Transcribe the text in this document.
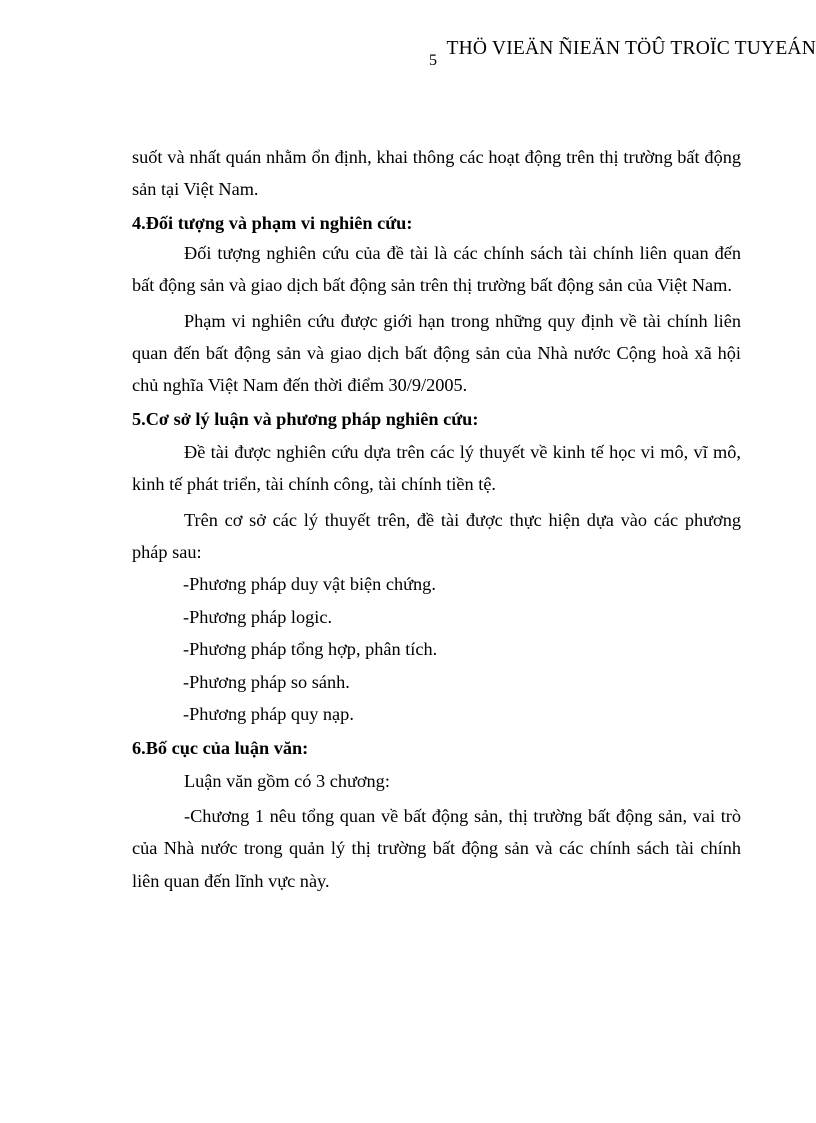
THÖ VIEÄN ÑIEÄN TÖÛ TROÏC TUYEÁN
5

suốt và nhất quán nhằm ổn định, khai thông các hoạt động trên thị trường bất động sản tại Việt Nam.

4.Đối tượng và phạm vi nghiên cứu:

Đối tượng nghiên cứu của đề tài là các chính sách tài chính liên quan đến bất động sản và giao dịch bất động sản trên thị trường bất động sản của Việt Nam.

Phạm vi nghiên cứu được giới hạn trong những quy định về tài chính liên quan đến bất động sản và giao dịch bất động sản của Nhà nước Cộng hoà xã hội chủ nghĩa Việt Nam đến thời điểm 30/9/2005.

5.Cơ sở lý luận và phương pháp nghiên cứu:

Đề tài được nghiên cứu dựa trên các lý thuyết về kinh tế học vi mô, vĩ mô, kinh tế phát triển, tài chính công, tài chính tiền tệ.

Trên cơ sở các lý thuyết trên, đề tài được thực hiện dựa vào các phương pháp sau:

-Phương pháp duy vật biện chứng.

-Phương pháp logic.

-Phương pháp tổng hợp, phân tích.

-Phương pháp so sánh.

-Phương pháp quy nạp.

6.Bố cục của luận văn:

Luận văn gồm có 3 chương:

-Chương 1 nêu tổng quan về bất động sản, thị trường bất động sản, vai trò của Nhà nước trong quản lý thị trường bất động sản và các chính sách tài chính liên quan đến lĩnh vực này.
